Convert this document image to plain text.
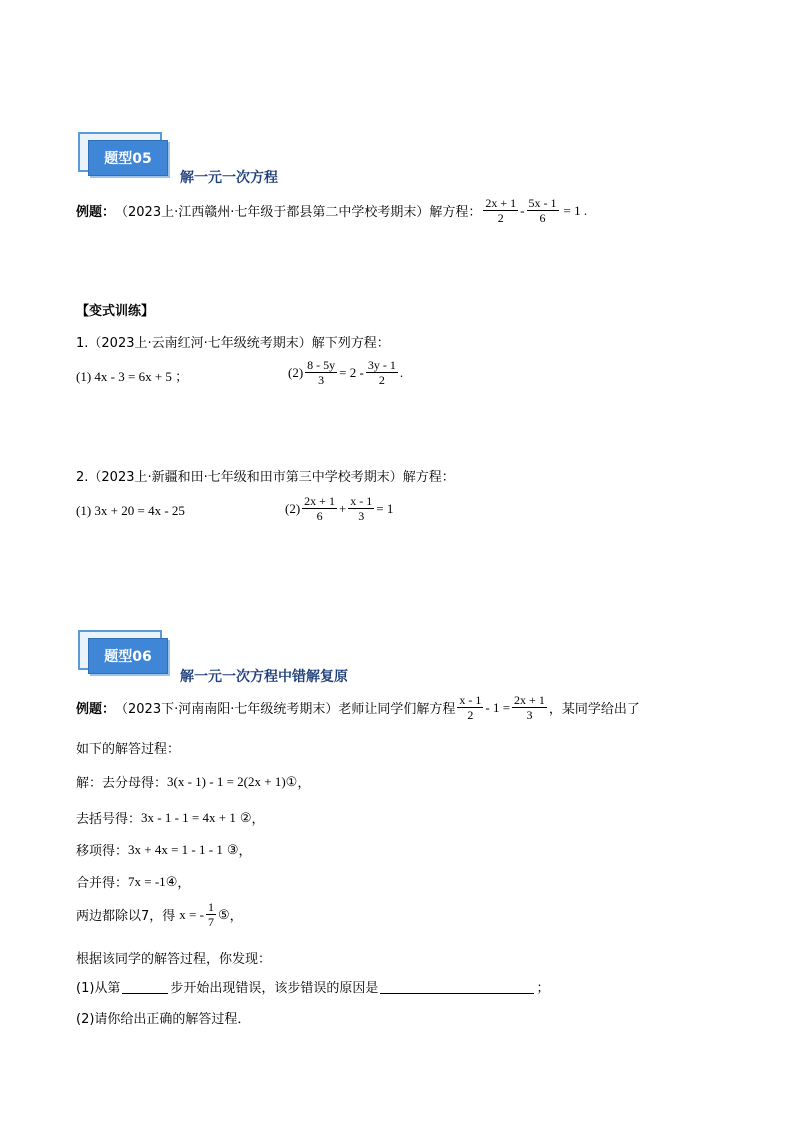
题型05
解一元一次方程
例题： （2023上·江西赣州·七年级于都县第二中学校考期末）解方程： $\frac{2x + 1}{2} - \frac{5x - 1}{6} = 1$ .
【变式训练】
1.（2023上·云南红河·七年级统考期末）解下列方程：
(1) 4x - 3 = 6x + 5 ；	$(2) \frac{8 - 5y}{3} = 2 - \frac{3y - 1}{2}$ .
2.（2023上·新疆和田·七年级和田市第三中学校考期末）解方程：
(1) 3x + 20 = 4x - 25	$(2) \frac{2x + 1}{6} + \frac{x - 1}{3} = 1$
题型06
解一元一次方程中错解复原
例题： （2023下·河南南阳·七年级统考期末）老师让同学们解方程 $\frac{x - 1}{2} - 1 = \frac{2x + 1}{3}$ ，某同学给出了
如下的解答过程：
解：去分母得： 3(x - 1) - 1 = 2(2x + 1) ① ，
去括号得： 3x - 1 - 1 = 4x + 1 ② ，
移项得： 3x + 4x = 1 - 1 - 1 ③ ，
合并得： 7x = -1 ④ ，
两边都除以7，得 x = - $\frac{1}{7}$ ⑤ ，
根据该同学的解答过程，你发现：
(1)从第	步开始出现错误，该步错误的原因是	；
(2)请你给出正确的解答过程．
